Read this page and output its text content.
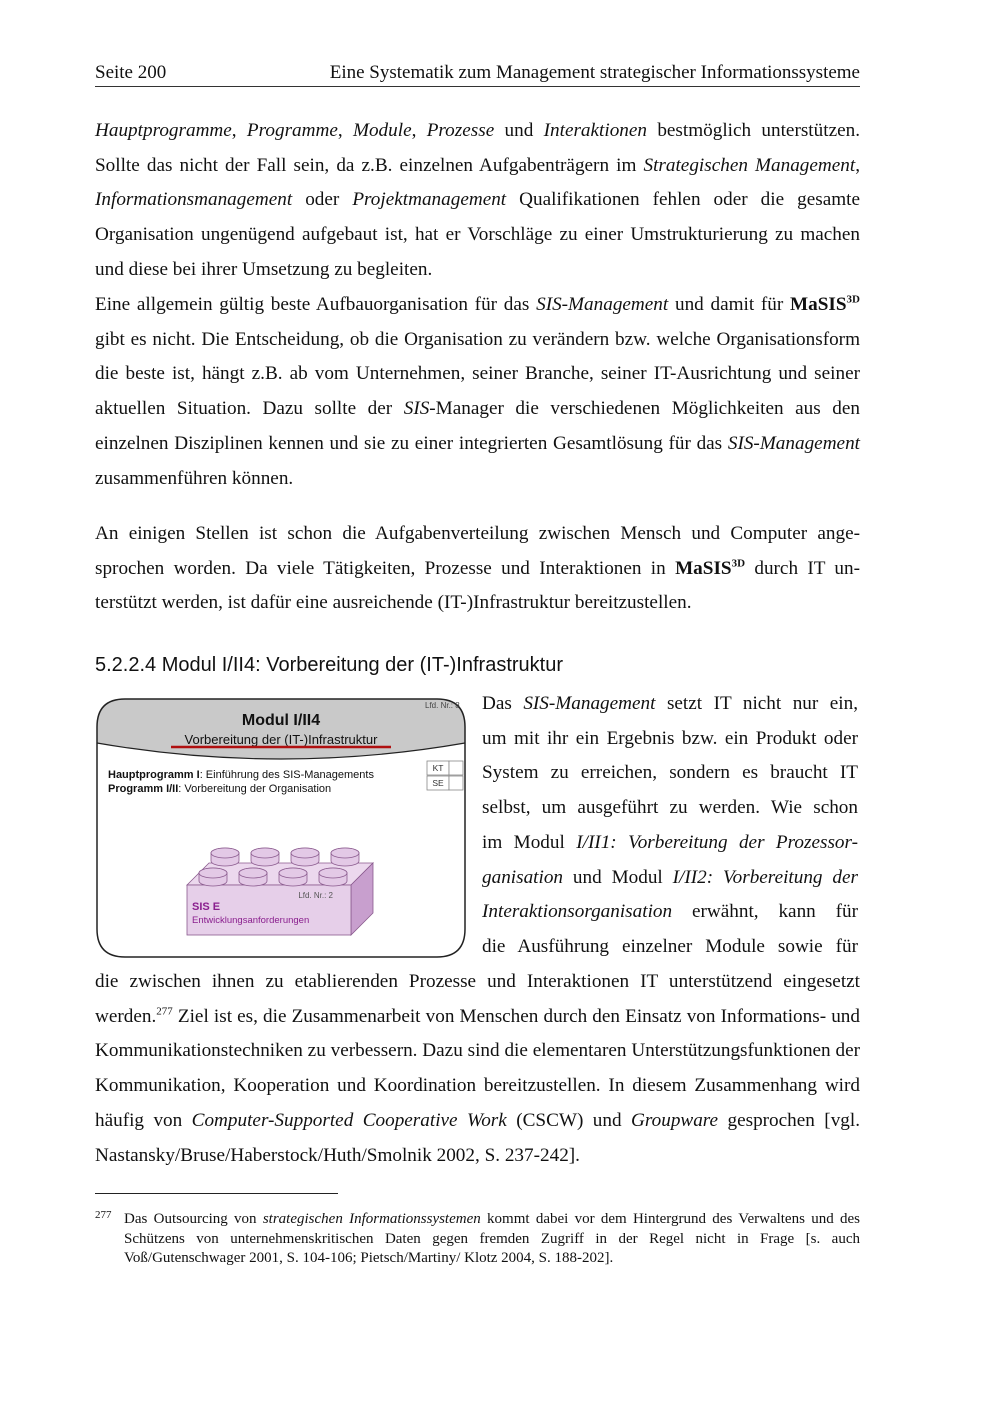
Seite 200	Eine Systematik zum Management strategischer Informationssysteme

Hauptprogramme, Programme, Module, Prozesse und Interaktionen bestmöglich unterstützen. Sollte das nicht der Fall sein, da z.B. einzelnen Aufgabenträgern im Strategischen Management, Informationsmanagement oder Projektmanagement Qualifikationen fehlen oder die gesamte Organisation ungenügend aufgebaut ist, hat er Vorschläge zu einer Umstrukturierung zu machen und diese bei ihrer Umsetzung zu begleiten.

Eine allgemein gültig beste Aufbauorganisation für das SIS-Management und damit für MaSIS$^{3D}$ gibt es nicht. Die Entscheidung, ob die Organisation zu verändern bzw. welche Organisationsform die beste ist, hängt z.B. ab vom Unternehmen, seiner Branche, seiner IT-Ausrichtung und seiner aktuellen Situation. Dazu sollte der SIS-Manager die verschiedenen Möglichkeiten aus den einzelnen Disziplinen kennen und sie zu einer integrierten Gesamtlösung für das SIS-Management zusammenführen können.

An einigen Stellen ist schon die Aufgabenverteilung zwischen Mensch und Computer angesprochen worden. Da viele Tätigkeiten, Prozesse und Interaktionen in MaSIS$^{3D}$ durch IT unterstützt werden, ist dafür eine ausreichende (IT-)Infrastruktur bereitzustellen.

5.2.2.4 Modul I/II4: Vorbereitung der (IT-)Infrastruktur
Lfd. Nr.: 8
Modul I/II4
Vorbereitung der (IT-)Infrastruktur
Hauptprogramm I: Einführung des SIS-Managements
Programm I/II: Vorbereitung der Organisation
KT
SE
Lfd. Nr.: 2
SIS E
Entwicklungsanforderungen
Das SIS-Management setzt IT nicht nur ein,
um mit ihr ein Ergebnis bzw. ein Produkt oder
System zu erreichen, sondern es braucht IT
selbst, um ausgeführt zu werden. Wie schon
im Modul I/II1: Vorbereitung der Prozessor-
ganisation und Modul I/II2: Vorbereitung der
Interaktionsorganisation erwähnt, kann für
die Ausführung einzelner Module sowie für

die zwischen ihnen zu etablierenden Prozesse und Interaktionen IT unterstützend eingesetzt werden.$^{277}$ Ziel ist es, die Zusammenarbeit von Menschen durch den Einsatz von Informations- und Kommunikationstechniken zu verbessern. Dazu sind die elementaren Unterstützungsfunktionen der Kommunikation, Kooperation und Koordination bereitzustellen. In diesem Zusammenhang wird häufig von Computer-Supported Cooperative Work (CSCW) und Groupware gesprochen [vgl. Nastansky/Bruse/Haberstock/Huth/Smolnik 2002, S. 237-242].

277 Das Outsourcing von strategischen Informationssystemen kommt dabei vor dem Hintergrund des Verwaltens und des Schützens von unternehmenskritischen Daten gegen fremden Zugriff in der Regel nicht in Frage [s. auch Voß/Gutenschwager 2001, S. 104-106; Pietsch/Martiny/ Klotz 2004, S. 188-202].
